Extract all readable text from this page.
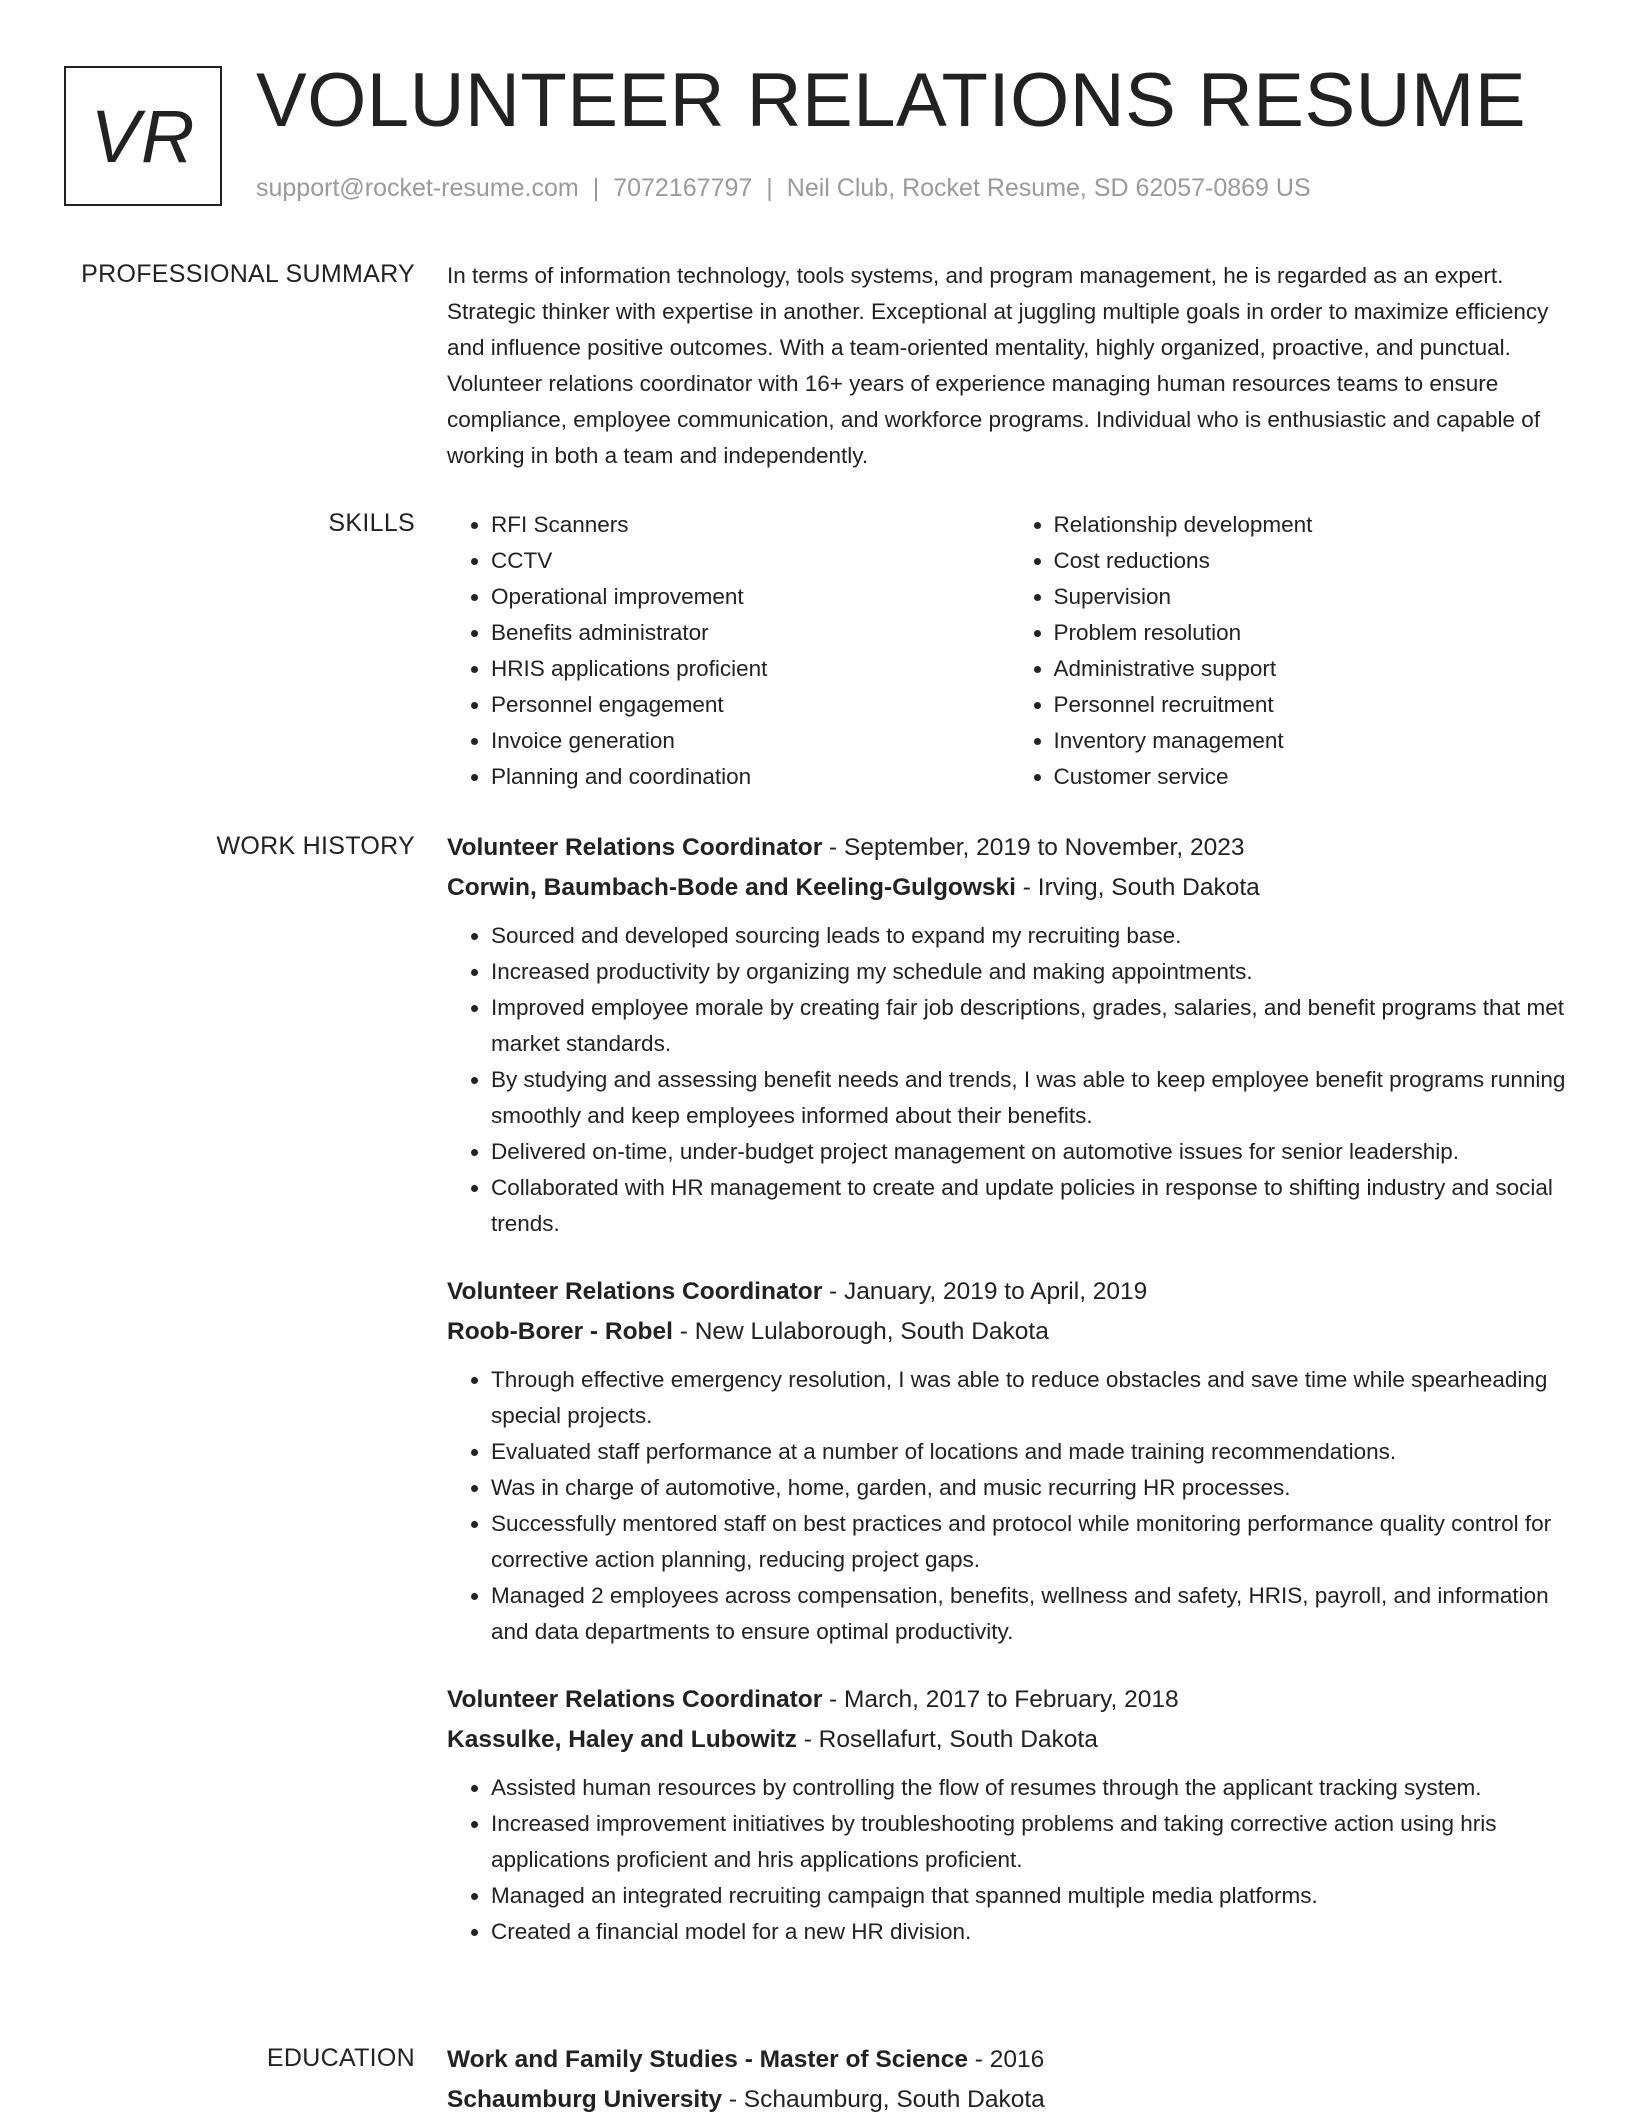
VR VOLUNTEER RELATIONS RESUME
support@rocket-resume.com | 7072167797 | Neil Club, Rocket Resume, SD 62057-0869 US
PROFESSIONAL SUMMARY In terms of information technology, tools systems, and program management, he is regarded as an expert. Strategic thinker with expertise in another. Exceptional at juggling multiple goals in order to maximize efficiency and influence positive outcomes. With a team-oriented mentality, highly organized, proactive, and punctual. Volunteer relations coordinator with 16+ years of experience managing human resources teams to ensure compliance, employee communication, and workforce programs. Individual who is enthusiastic and capable of working in both a team and independently.

SKILLS
•	RFI Scanners
• CCTV
• Operational improvement
• Benefits administrator
• HRIS applications proficient
• Personnel engagement
• Invoice generation
• Planning and coordination
• Relationship development
• Cost reductions
• Supervision
• Problem resolution
• Administrative support
• Personnel recruitment
• Inventory management
• Customer service
WORK HISTORY Volunteer Relations Coordinator - September, 2019 to November, 2023
Corwin, Baumbach-Bode and Keeling-Gulgowski - Irving, South Dakota
• Sourced and developed sourcing leads to expand my recruiting base.
• Increased productivity by organizing my schedule and making appointments.
• Improved employee morale by creating fair job descriptions, grades, salaries, and benefit programs that met market standards.
• By studying and assessing benefit needs and trends, I was able to keep employee benefit programs running smoothly and keep employees informed about their benefits.
• Delivered on-time, under-budget project management on automotive issues for senior leadership.
• Collaborated with HR management to create and update policies in response to shifting industry and social trends.
Volunteer Relations Coordinator - January, 2019 to April, 2019
Roob-Borer - Robel - New Lulaborough, South Dakota
• Through effective emergency resolution, I was able to reduce obstacles and save time while spearheading special projects.
• Evaluated staff performance at a number of locations and made training recommendations.
• Was in charge of automotive, home, garden, and music recurring HR processes.
• Successfully mentored staff on best practices and protocol while monitoring performance quality control for corrective action planning, reducing project gaps.
• Managed 2 employees across compensation, benefits, wellness and safety, HRIS, payroll, and information and data departments to ensure optimal productivity.
Volunteer Relations Coordinator - March, 2017 to February, 2018
Kassulke, Haley and Lubowitz - Rosellafurt, South Dakota
• Assisted human resources by controlling the flow of resumes through the applicant tracking system.
• Increased improvement initiatives by troubleshooting problems and taking corrective action using hris applications proficient and hris applications proficient.
• Managed an integrated recruiting campaign that spanned multiple media platforms.
• Created a financial model for a new HR division.
EDUCATION Work and Family Studies - Master of Science - 2016
Schaumburg University - Schaumburg, South Dakota
